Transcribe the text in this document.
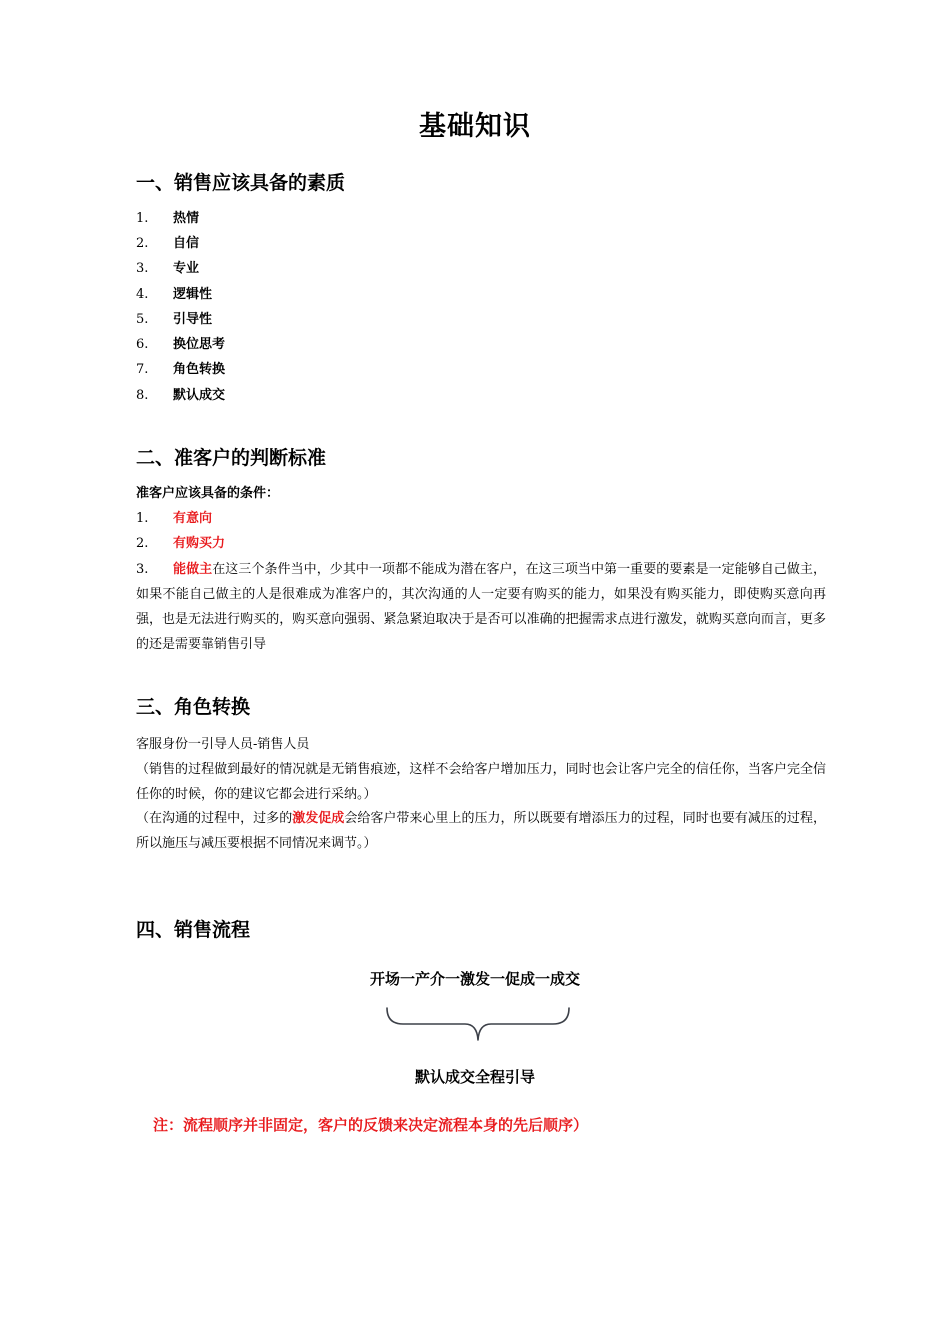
基础知识
一、销售应该具备的素质
1. 热情
2. 自信
3. 专业
4. 逻辑性
5. 引导性
6. 换位思考
7. 角色转换
8. 默认成交
二、准客户的判断标准
准客户应该具备的条件：
1. 有意向
2. 有购买力
3. 能做主在这三个条件当中，少其中一项都不能成为潜在客户，在这三项当中第一重要的要素是一定能够自己做主，如果不能自己做主的人是很难成为准客户的，其次沟通的人一定要有购买的能力，如果没有购买能力，即使购买意向再强，也是无法进行购买的，购买意向强弱、紧急紧迫取决于是否可以准确的把握需求点进行激发，就购买意向而言，更多的还是需要靠销售引导
三、角色转换
客服身份一引导人员-销售人员
（销售的过程做到最好的情况就是无销售痕迹，这样不会给客户增加压力，同时也会让客户完全的信任你，当客户完全信任你的时候，你的建议它都会进行采纳。）
（在沟通的过程中，过多的激发促成会给客户带来心里上的压力，所以既要有增添压力的过程，同时也要有减压的过程，所以施压与减压要根据不同情况来调节。）
四、销售流程
开场一产介一激发一促成一成交
默认成交全程引导
注：流程顺序并非固定，客户的反馈来决定流程本身的先后顺序）
